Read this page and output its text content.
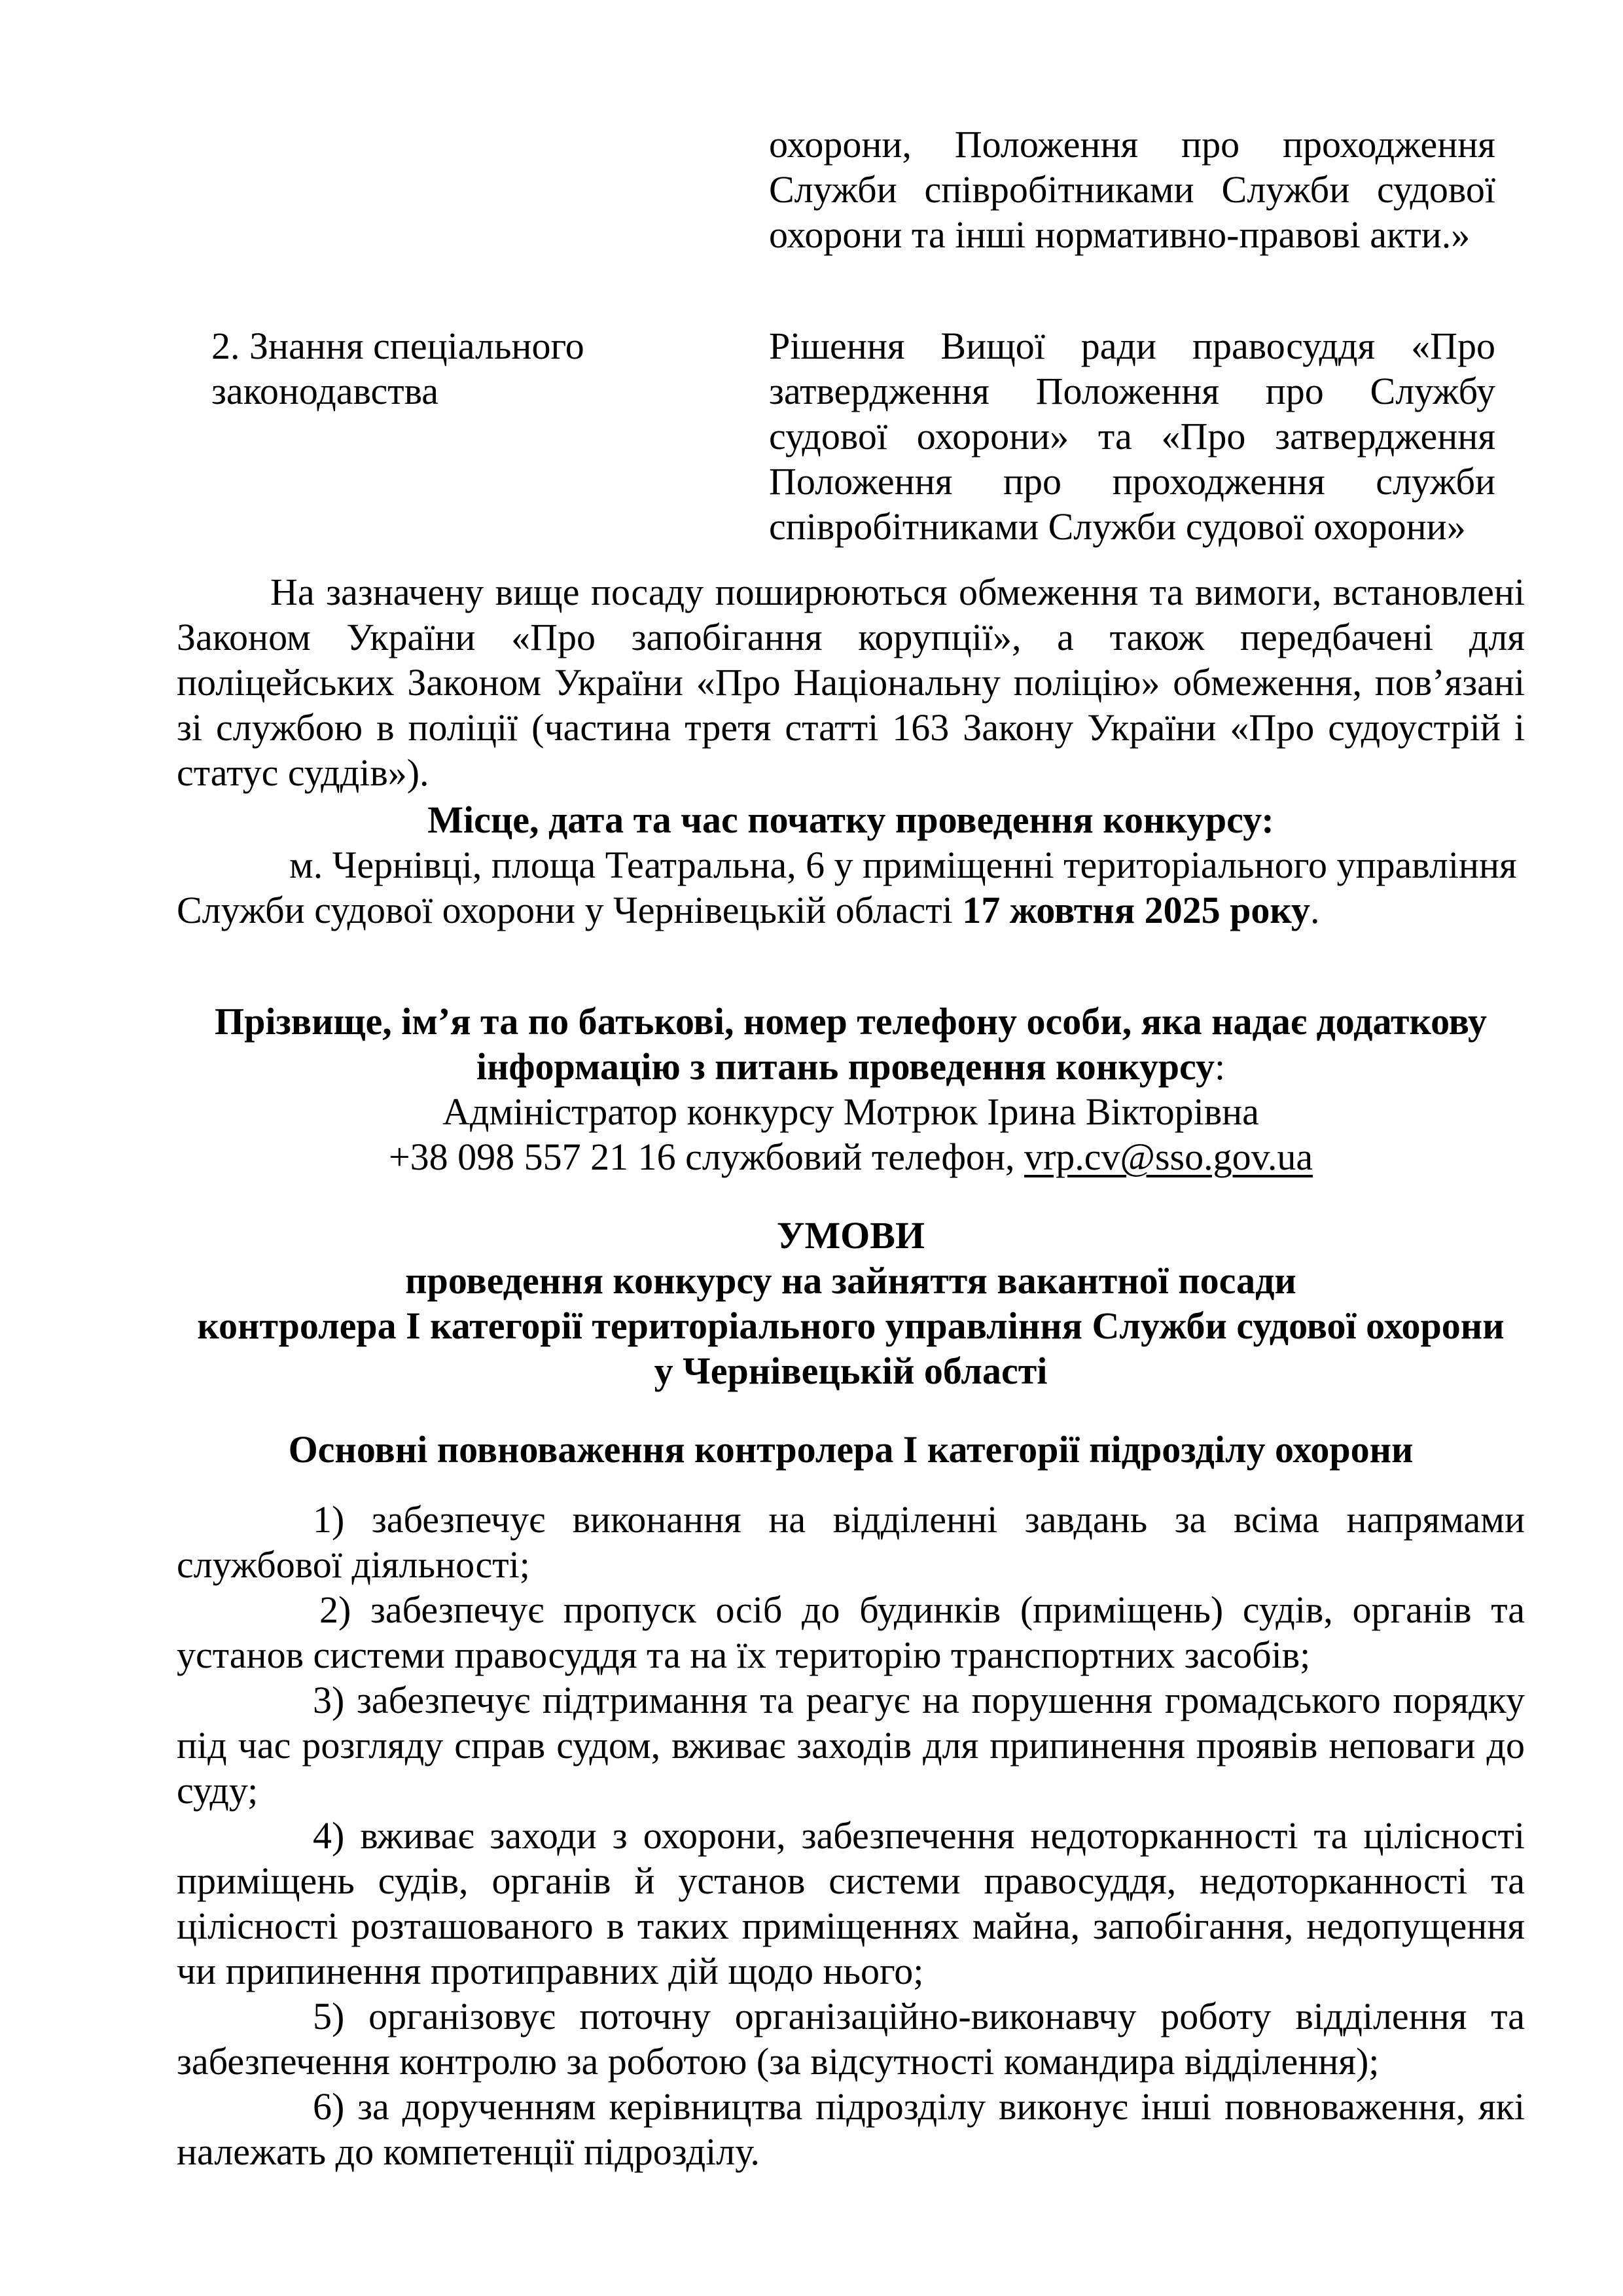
охорони, Положення про проходження Служби співробітниками Служби судової охорони та інші нормативно-правові акти.»

2. Знання спеціального законодавства

Рішення Вищої ради правосуддя «Про затвердження Положення про Службу судової охорони» та «Про затвердження Положення про проходження служби співробітниками Служби судової охорони»

На зазначену вище посаду поширюються обмеження та вимоги, встановлені Законом України «Про запобігання корупції», а також передбачені для поліцейських Законом України «Про Національну поліцію» обмеження, пов’язані зі службою в поліції (частина третя статті 163 Закону України «Про судоустрій і статус суддів»).

Місце, дата та час початку проведення конкурсу:

м. Чернівці, площа Театральна, 6 у приміщенні територіального управління Служби судової охорони у Чернівецькій області 17 жовтня 2025 року.

Прізвище, ім’я та по батькові, номер телефону особи, яка надає додаткову інформацію з питань проведення конкурсу:

Адміністратор конкурсу Мотрюк Ірина Вікторівна

+38 098 557 21 16 службовий телефон, vrp.cv@sso.gov.ua

УМОВИ

проведення конкурсу на зайняття вакантної посади

контролера I категорії територіального управління Служби судової охорони

у Чернівецькій області

Основні повноваження контролера I категорії підрозділу охорони

1) забезпечує виконання на відділенні завдань за всіма напрямами службової діяльності;

2) забезпечує пропуск осіб до будинків (приміщень) судів, органів та установ системи правосуддя та на їх територію транспортних засобів;

3) забезпечує підтримання та реагує на порушення громадського порядку під час розгляду справ судом, вживає заходів для припинення проявів неповаги до суду;

4) вживає заходи з охорони, забезпечення недоторканності та цілісності приміщень судів, органів й установ системи правосуддя, недоторканності та цілісності розташованого в таких приміщеннях майна, запобігання, недопущення чи припинення протиправних дій щодо нього;

5) організовує поточну організаційно-виконавчу роботу відділення та забезпечення контролю за роботою (за відсутності командира відділення);

6) за дорученням керівництва підрозділу виконує інші повноваження, які належать до компетенції підрозділу.
